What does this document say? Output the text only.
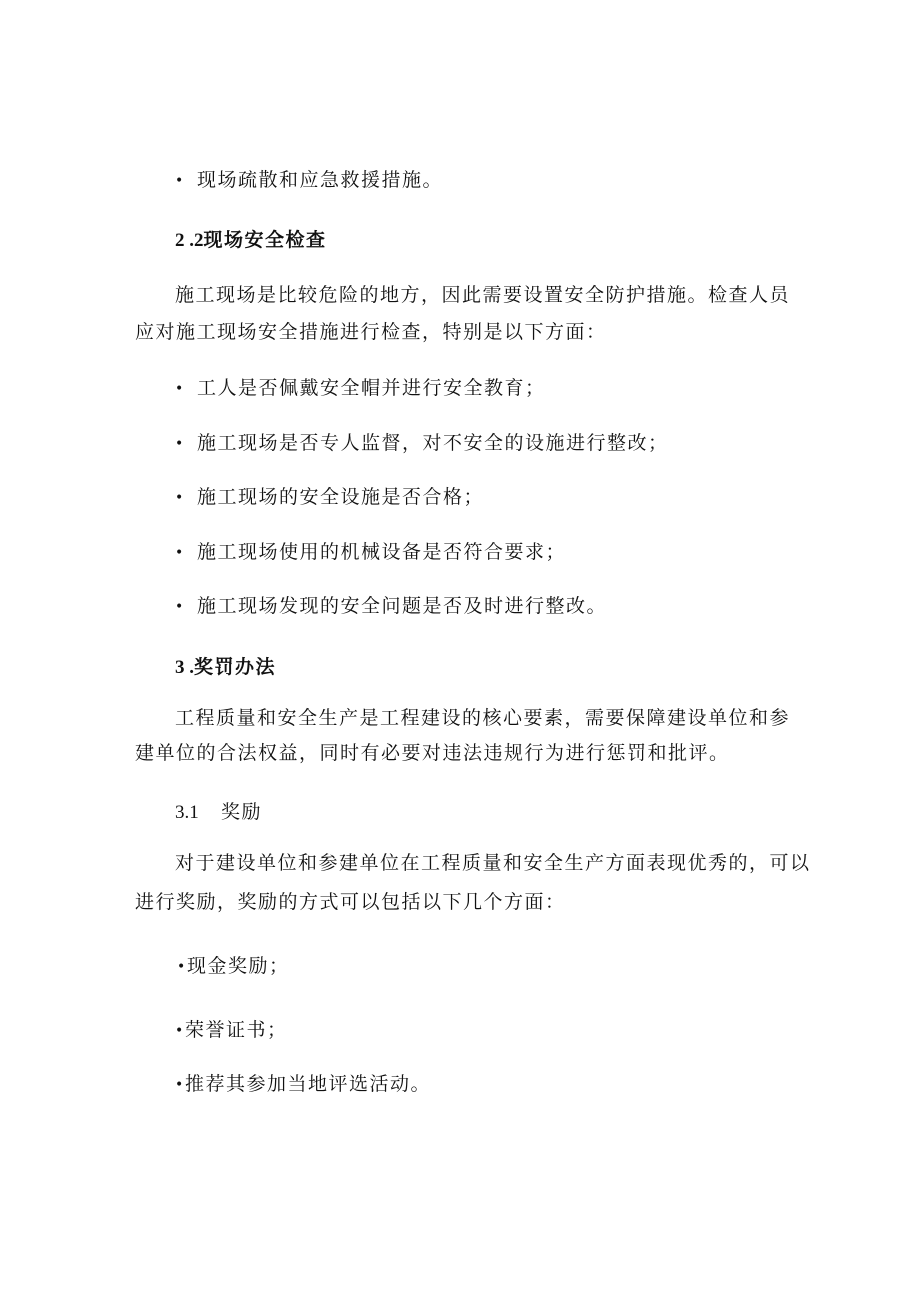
• 现场疏散和应急救援措施。
2 .2现场安全检查
施工现场是比较危险的地方，因此需要设置安全防护措施。检查人员
应对施工现场安全措施进行检查，特别是以下方面：
• 工人是否佩戴安全帽并进行安全教育；
• 施工现场是否专人监督，对不安全的设施进行整改；
• 施工现场的安全设施是否合格；
• 施工现场使用的机械设备是否符合要求；
• 施工现场发现的安全问题是否及时进行整改。
3 .奖罚办法
工程质量和安全生产是工程建设的核心要素，需要保障建设单位和参
建单位的合法权益，同时有必要对违法违规行为进行惩罚和批评。
3.1 奖励
对于建设单位和参建单位在工程质量和安全生产方面表现优秀的，可以
进行奖励，奖励的方式可以包括以下几个方面：
•现金奖励；
•荣誉证书；
•推荐其参加当地评选活动。
